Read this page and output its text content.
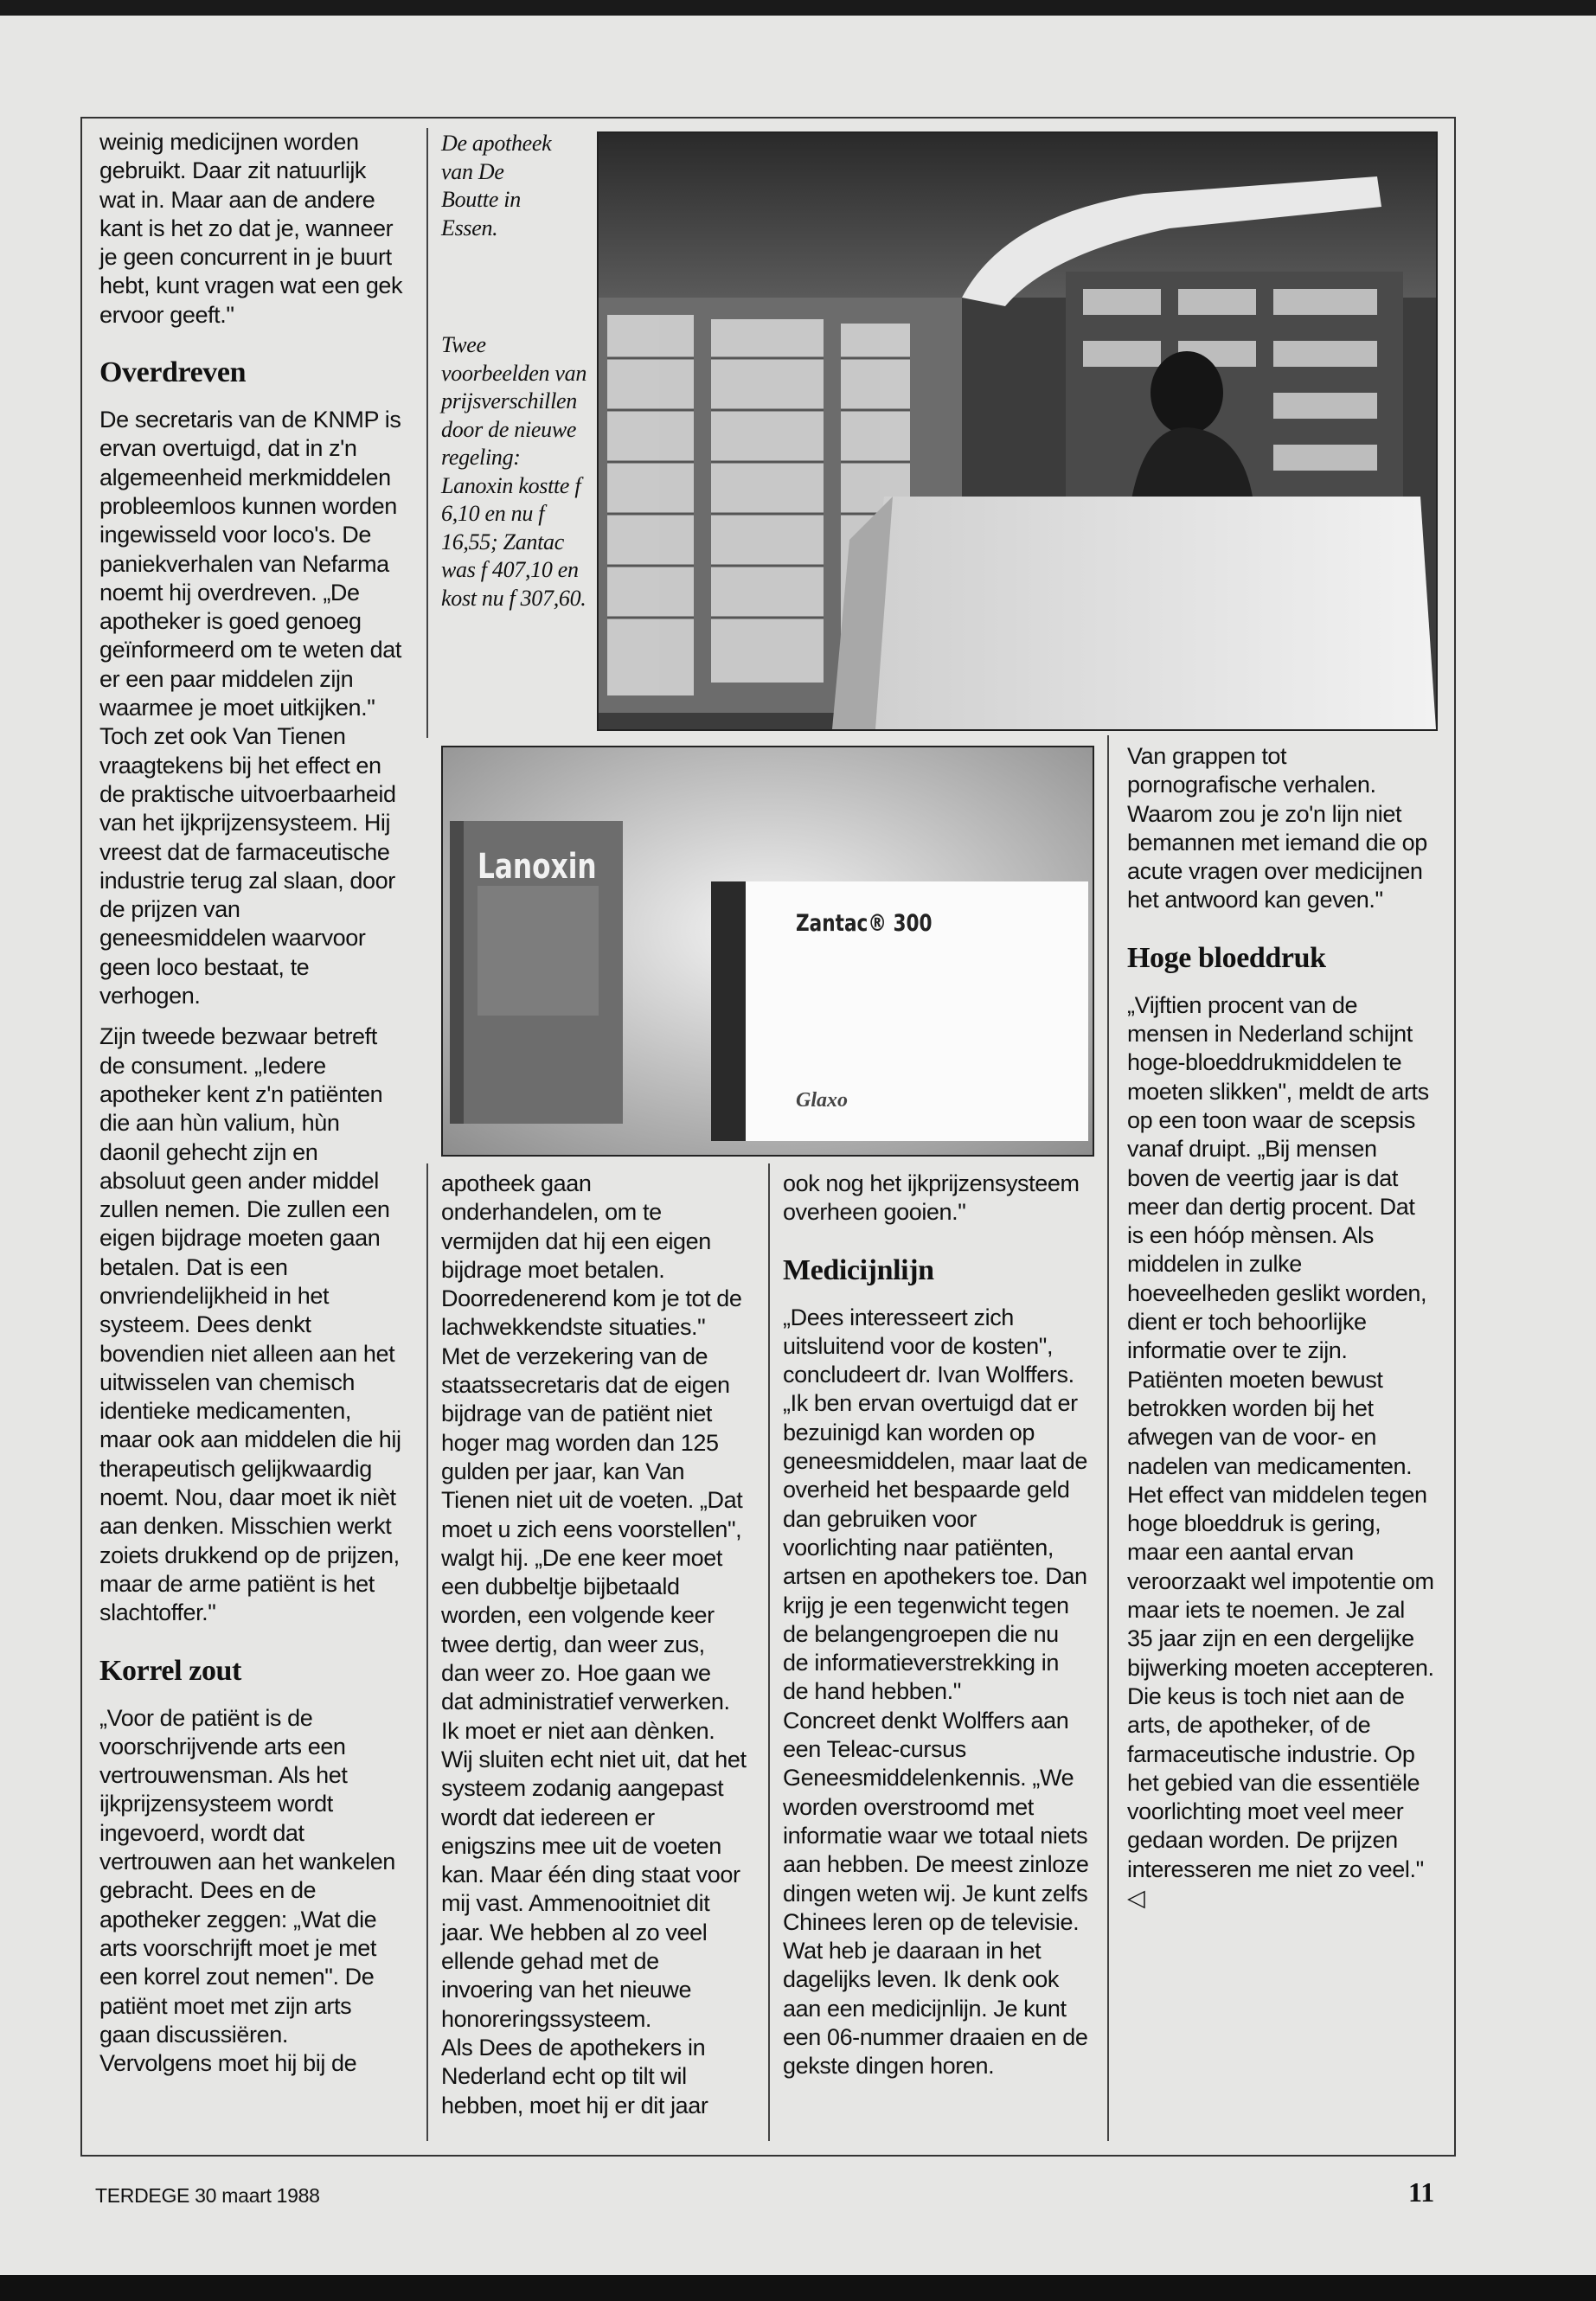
weinig medicijnen worden gebruikt. Daar zit natuurlijk wat in. Maar aan de andere kant is het zo dat je, wanneer je geen concurrent in je buurt hebt, kunt vragen wat een gek ervoor geeft."

Overdreven

De secretaris van de KNMP is ervan overtuigd, dat in z'n algemeenheid merkmiddelen probleemloos kunnen worden ingewisseld voor loco's. De paniekverhalen van Nefarma noemt hij overdreven. „De apotheker is goed genoeg geïnformeerd om te weten dat er een paar middelen zijn waarmee je moet uitkijken." Toch zet ook Van Tienen vraagtekens bij het effect en de praktische uitvoerbaarheid van het ijkprijzensysteem. Hij vreest dat de farmaceutische industrie terug zal slaan, door de prijzen van geneesmiddelen waarvoor geen loco bestaat, te verhogen.

Zijn tweede bezwaar betreft de consument. „Iedere apotheker kent z'n patiënten die aan hùn valium, hùn daonil gehecht zijn en absoluut geen ander middel zullen nemen. Die zullen een eigen bijdrage moeten gaan betalen. Dat is een onvriendelijkheid in het systeem. Dees denkt bovendien niet alleen aan het uitwisselen van chemisch identieke medicamenten, maar ook aan middelen die hij therapeutisch gelijkwaardig noemt. Nou, daar moet ik nièt aan denken. Misschien werkt zoiets drukkend op de prijzen, maar de arme patiënt is het slachtoffer."

Korrel zout

„Voor de patiënt is de voorschrijvende arts een vertrouwensman. Als het ijkprijzensysteem wordt ingevoerd, wordt dat vertrouwen aan het wankelen gebracht. Dees en de apotheker zeggen: „Wat die arts voorschrijft moet je met een korrel zout nemen". De patiënt moet met zijn arts gaan discussiëren. Vervolgens moet hij bij de

De apotheek van De Boutte in Essen.
Twee voorbeelden van prijsverschillen door de nieuwe regeling: Lanoxin kostte f 6,10 en nu f 16,55; Zantac was f 407,10 en kost nu f 307,60.
Lanoxin
Zantac® 300
Glaxo

apotheek gaan onderhandelen, om te vermijden dat hij een eigen bijdrage moet betalen. Doorredenerend kom je tot de lachwekkendste situaties."

Met de verzekering van de staatssecretaris dat de eigen bijdrage van de patiënt niet hoger mag worden dan 125 gulden per jaar, kan Van Tienen niet uit de voeten. „Dat moet u zich eens voorstellen", walgt hij. „De ene keer moet een dubbeltje bijbetaald worden, een volgende keer twee dertig, dan weer zus, dan weer zo. Hoe gaan we dat administratief verwerken. Ik moet er niet aan dènken.

Wij sluiten echt niet uit, dat het systeem zodanig aangepast wordt dat iedereen er enigszins mee uit de voeten kan. Maar één ding staat voor mij vast. Ammenooitniet dit jaar. We hebben al zo veel ellende gehad met de invoering van het nieuwe honoreringssysteem.

Als Dees de apothekers in Nederland echt op tilt wil hebben, moet hij er dit jaar

ook nog het ijkprijzensysteem overheen gooien."

Medicijnlijn

„Dees interesseert zich uitsluitend voor de kosten", concludeert dr. Ivan Wolffers. „Ik ben ervan overtuigd dat er bezuinigd kan worden op geneesmiddelen, maar laat de overheid het bespaarde geld dan gebruiken voor voorlichting naar patiënten, artsen en apothekers toe. Dan krijg je een tegenwicht tegen de belangengroepen die nu de informatieverstrekking in de hand hebben."

Concreet denkt Wolffers aan een Teleac-cursus Geneesmiddelenkennis. „We worden overstroomd met informatie waar we totaal niets aan hebben. De meest zinloze dingen weten wij. Je kunt zelfs Chinees leren op de televisie. Wat heb je daaraan in het dagelijks leven. Ik denk ook aan een medicijnlijn. Je kunt een 06-nummer draaien en de gekste dingen horen.

Van grappen tot pornografische verhalen. Waarom zou je zo'n lijn niet bemannen met iemand die op acute vragen over medicijnen het antwoord kan geven."

Hoge bloeddruk

„Vijftien procent van de mensen in Nederland schijnt hoge-bloeddrukmiddelen te moeten slikken", meldt de arts op een toon waar de scepsis vanaf druipt. „Bij mensen boven de veertig jaar is dat meer dan dertig procent. Dat is een hóóp mènsen. Als middelen in zulke hoeveelheden geslikt worden, dient er toch behoorlijke informatie over te zijn.

Patiënten moeten bewust betrokken worden bij het afwegen van de voor- en nadelen van medicamenten. Het effect van middelen tegen hoge bloeddruk is gering, maar een aantal ervan veroorzaakt wel impotentie om maar iets te noemen. Je zal 35 jaar zijn en een dergelijke bijwerking moeten accepteren. Die keus is toch niet aan de arts, de apotheker, of de farmaceutische industrie. Op het gebied van die essentiële voorlichting moet veel meer gedaan worden. De prijzen interesseren me niet zo veel." ◁

TERDEGE 30 maart 1988	11
